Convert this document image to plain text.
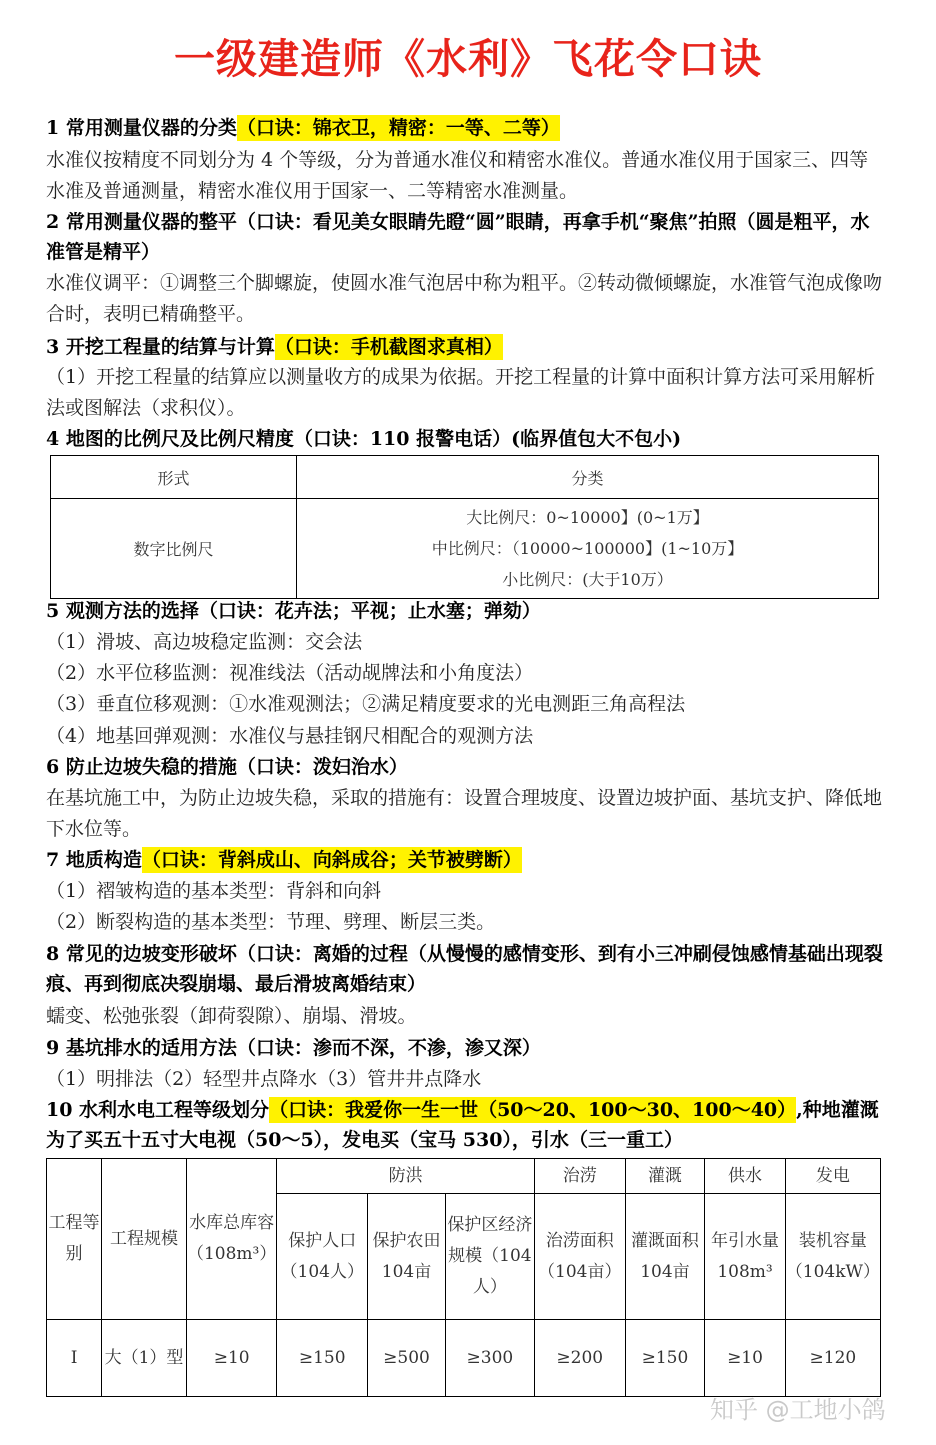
一级建造师《水利》飞花令口诀
1 常用测量仪器的分类（口诀：锦衣卫，精密：一等、二等）
水准仪按精度不同划分为 4 个等级，分为普通水准仪和精密水准仪。普通水准仪用于国家三、四等水准及普通测量，精密水准仪用于国家一、二等精密水准测量。
2 常用测量仪器的整平（口诀：看见美女眼睛先瞪“圆”眼睛，再拿手机“聚焦”拍照（圆是粗平，水准管是精平）
水准仪调平：①调整三个脚螺旋，使圆水准气泡居中称为粗平。②转动微倾螺旋，水准管气泡成像吻合时，表明已精确整平。
3 开挖工程量的结算与计算（口诀：手机截图求真相）
（1）开挖工程量的结算应以测量收方的成果为依据。开挖工程量的计算中面积计算方法可采用解析法或图解法（求积仪）。
4 地图的比例尺及比例尺精度（口诀：110 报警电话）(临界值包大不包小)
形式	分类
数字比例尺	大比例尺：0~10000】(0~1万】
中比例尺：（10000~100000】(1~10万】
小比例尺：(大于10万）
5 观测方法的选择（口诀：花卉法；平视；止水塞；弹劾）
（1）滑坡、高边坡稳定监测：交会法
（2）水平位移监测：视准线法（活动觇牌法和小角度法）
（3）垂直位移观测：①水准观测法；②满足精度要求的光电测距三角高程法
（4）地基回弹观测：水准仪与悬挂钢尺相配合的观测方法
6 防止边坡失稳的措施（口诀：泼妇治水）
在基坑施工中，为防止边坡失稳，采取的措施有：设置合理坡度、设置边坡护面、基坑支护、降低地下水位等。
7 地质构造（口诀：背斜成山、向斜成谷；关节被劈断）
（1）褶皱构造的基本类型：背斜和向斜
（2）断裂构造的基本类型：节理、劈理、断层三类。
8 常见的边坡变形破坏（口诀：离婚的过程（从慢慢的感情变形、到有小三冲刷侵蚀感情基础出现裂痕、再到彻底决裂崩塌、最后滑坡离婚结束）
蠕变、松弛张裂（卸荷裂隙）、崩塌、滑坡。
9 基坑排水的适用方法（口诀：渗而不深，不渗，渗又深）
（1）明排法（2）轻型井点降水（3）管井井点降水
10 水利水电工程等级划分（口诀：我爱你一生一世（50～20、100～30、100～40）,种地灌溉为了买五十五寸大电视（50～5），发电买（宝马 530），引水（三一重工）
工程等别	工程规模	水库总库容（108m³）	防洪			治涝	灌溉	供水	发电
			保护人口（104人）	保护农田104亩	保护区经济规模（104人）	治涝面积（104亩）	灌溉面积104亩	年引水量108m³	装机容量（104kW）
Ⅰ	大（1）型	≥10	≥150	≥500	≥300	≥200	≥150	≥10	≥120
知乎 @工地小鸽
